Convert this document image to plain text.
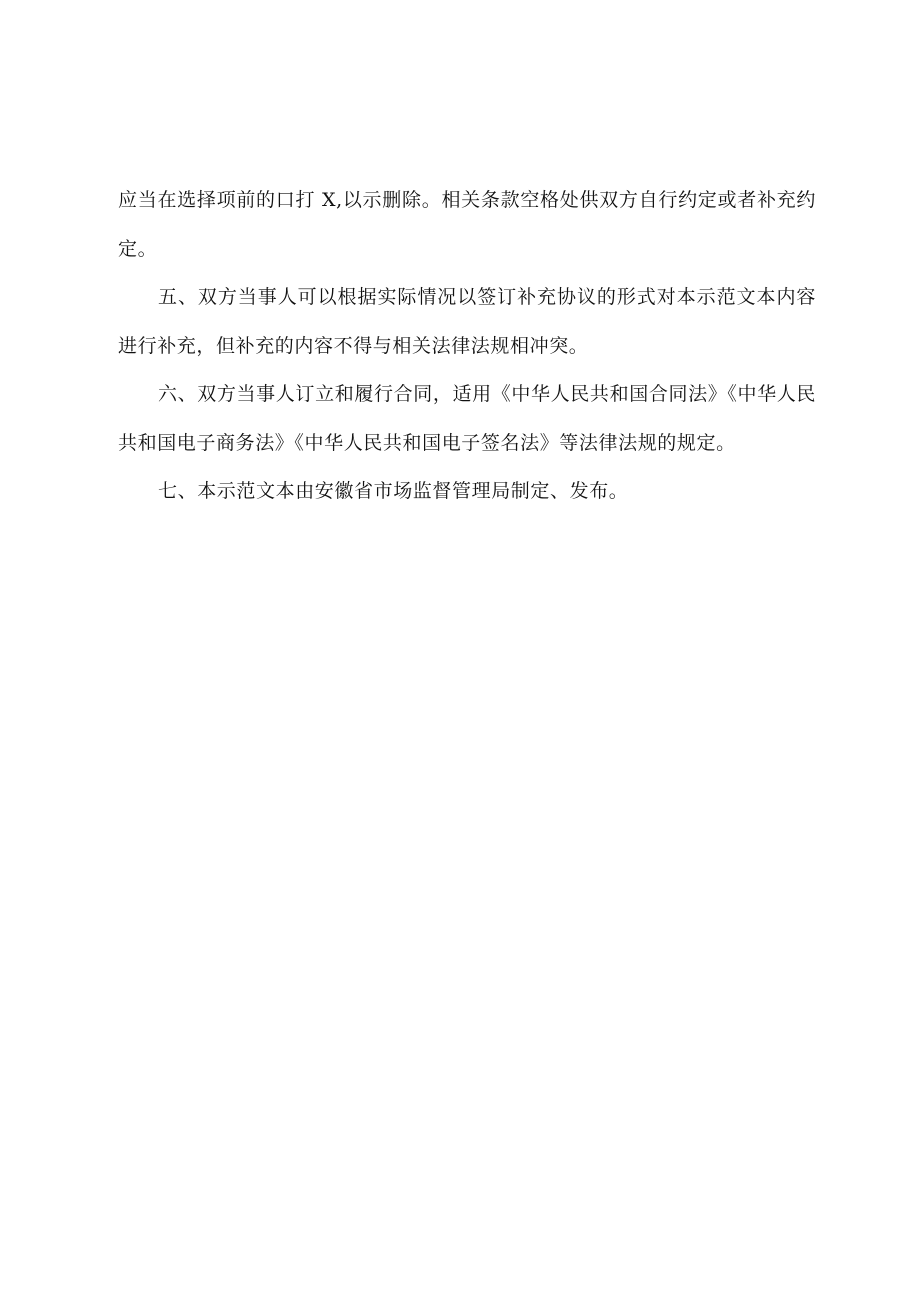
应当在选择项前的口打 X,以示删除。相关条款空格处供双方自行约定或者补充约定。

五、双方当事人可以根据实际情况以签订补充协议的形式对本示范文本内容进行补充，但补充的内容不得与相关法律法规相冲突。

六、双方当事人订立和履行合同，适用《中华人民共和国合同法》《中华人民共和国电子商务法》《中华人民共和国电子签名法》等法律法规的规定。

七、本示范文本由安徽省市场监督管理局制定、发布。
